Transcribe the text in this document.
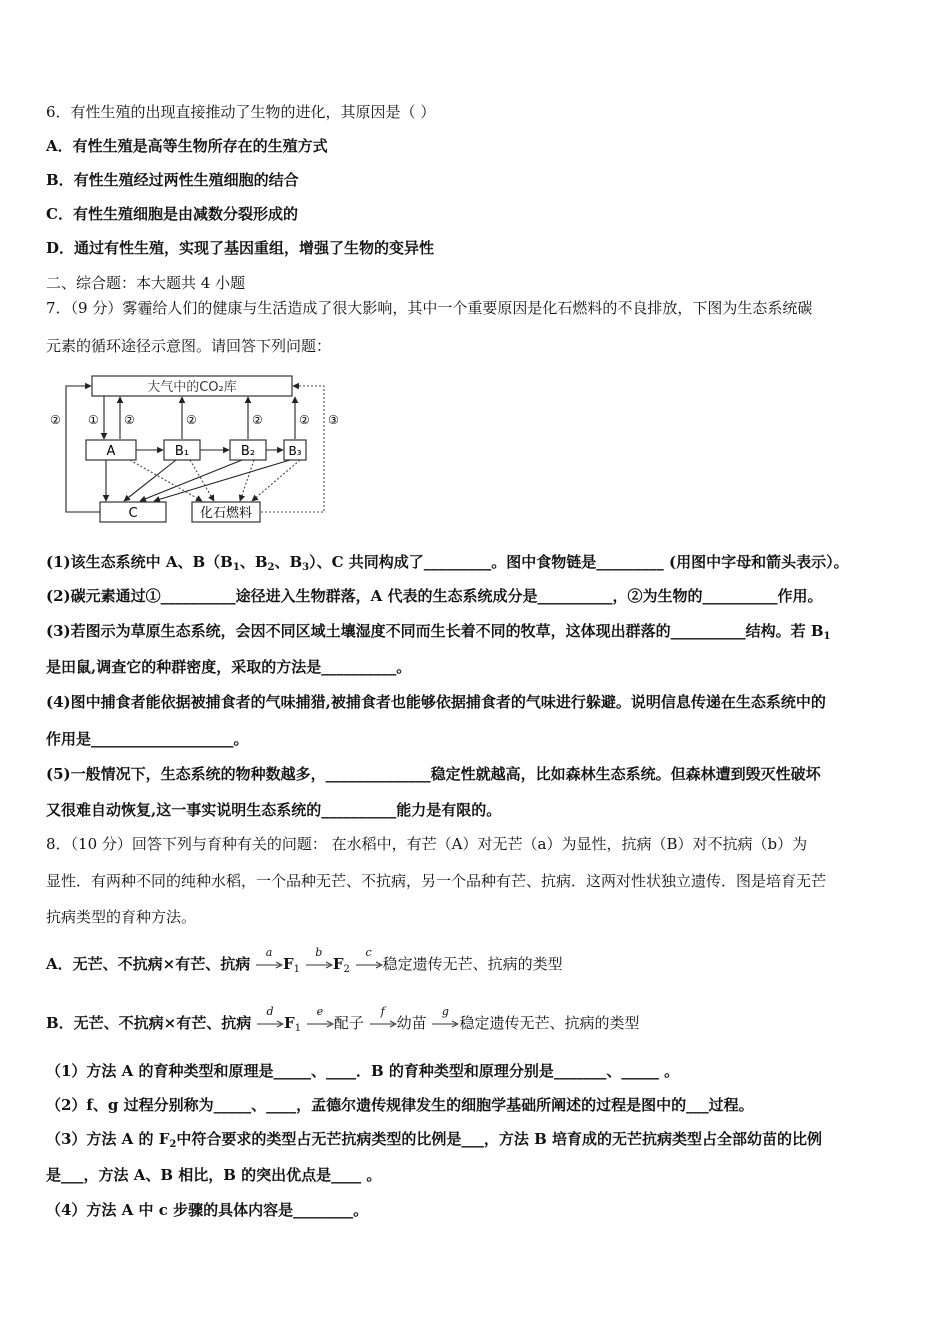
6．有性生殖的出现直接推动了生物的进化，其原因是（ ）
A．有性生殖是高等生物所存在的生殖方式
B．有性生殖经过两性生殖细胞的结合
C．有性生殖细胞是由减数分裂形成的
D．通过有性生殖，实现了基因重组，增强了生物的变异性
二、综合题：本大题共 4 小题
7．（9 分）雾霾给人们的健康与生活造成了很大影响，其中一个重要原因是化石燃料的不良排放，下图为生态系统碳
元素的循环途径示意图。请回答下列问题：
大气中的CO₂库
A	B₁	B₂	B₃
C	化石燃料
① ②	②	②	②
②	③
(1)该生态系统中 A、$B(B_1$、$B_2$、$B_3$）、C 共同构成了_________。图中食物链是_________ (用图中字母和箭头表示）。
(2)碳元素通过①__________途径进入生物群落，A 代表的生态系统成分是__________，②为生物的__________作用。
(3)若图示为草原生态系统，会因不同区域土壤湿度不同而生长着不同的牧草，这体现出群落的__________结构。若 $B_1$
是田鼠,调查它的种群密度，采取的方法是__________。
(4)图中捕食者能依据被捕食者的气味捕猎,被捕食者也能够依据捕食者的气味进行躲避。说明信息传递在生态系统中的
作用是___________________。
(5)一般情况下，生态系统的物种数越多，______________稳定性就越高，比如森林生态系统。但森林遭到毁灭性破坏
又很难自动恢复,这一事实说明生态系统的__________能力是有限的。
8．（10 分）回答下列与育种有关的问题： 在水稻中，有芒（A）对无芒（a）为显性，抗病（B）对不抗病（b）为
显性．有两种不同的纯种水稻，一个品种无芒、不抗病，另一个品种有芒、抗病．这两对性状独立遗传．图是培育无芒
抗病类型的育种方法。
A．无芒、不抗病×有芒、抗病
a
$F_1$
b
$F_2$
c
稳定遗传无芒、抗病的类型
B．无芒、不抗病×有芒、抗病
d
$F_1$
e
配子
f
幼苗
g
稳定遗传无芒、抗病的类型
（1）方法 A 的育种类型和原理是_____、____．B 的育种类型和原理分别是_______、_____ 。
（2）f、g 过程分别称为_____、____，孟德尔遗传规律发生的细胞学基础所阐述的过程是图中的___过程。
（3）方法 A 的 $F_2$中符合要求的类型占无芒抗病类型的比例是___，方法 B 培育成的无芒抗病类型占全部幼苗的比例
是___，方法 A、B 相比，B 的突出优点是____ 。
（4）方法 A 中 c 步骤的具体内容是________。
